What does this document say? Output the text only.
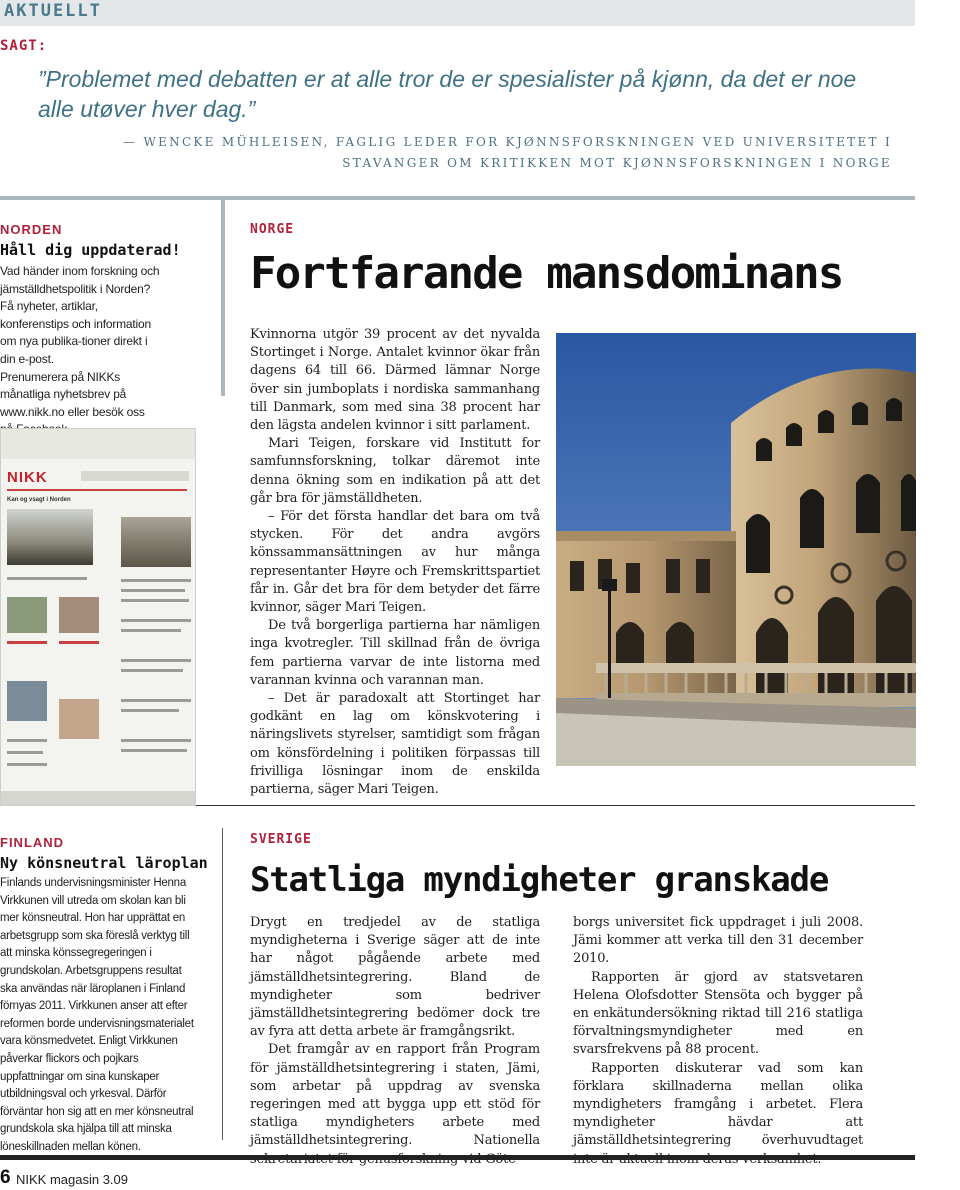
AKTUELLT
SAGT:
”Problemet med debatten er at alle tror de er spesialister på kjønn, da det er noe alle utøver hver dag.”
— WENCKE MÜHLEISEN, FAGLIG LEDER FOR KJØNNSFORSKNINGEN VED UNIVERSITETET I STAVANGER OM KRITIKKEN MOT KJØNNSFORSKNINGEN I NORGE
NORDEN
Håll dig uppdaterad!

Vad händer inom forskning och jämställdhetspolitik i Norden?

Få nyheter, artiklar, konferenstips och information om nya publika-tioner direkt i din e-post.

Prenumerera på NIKKs månatliga nyhetsbrev på www.nikk.no eller besök oss

NIKK
Kan og vsagt i Norden
NORGE
Fortfarande mansdominans

Kvinnorna utgör 39 procent av det nyvalda Stortinget i Norge. Antalet kvinnor ökar från dagens 64 till 66. Därmed lämnar Norge över sin jumboplats i nordiska sammanhang till Danmark, som med sina 38 procent har den lägsta andelen kvinnor i sitt parlament.

Mari Teigen, forskare vid Institutt for samfunnsforskning, tolkar däremot inte denna ökning som en indikation på att det går bra för jämställdheten.

– För det första handlar det bara om två stycken. För det andra avgörs könssammansättningen av hur många representanter Høyre och Fremskrittspartiet får in. Går det bra för dem betyder det färre kvinnor, säger Mari Teigen.

De två borgerliga partierna har nämligen inga kvotregler. Till skillnad från de övriga fem partierna varvar de inte listorna med varannan kvinna och varannan man.

– Det är paradoxalt att Stortinget har godkänt en lag om könskvotering i näringslivets styrelser, samtidigt som frågan om könsfördelning i politiken förpassas till frivilliga lösningar inom de enskilda partierna, säger Mari Teigen.

FINLAND
Ny könsneutral läroplan
Finlands undervisningsminister Henna Virkkunen vill utreda om skolan kan bli mer könsneutral. Hon har upprättat en arbetsgrupp som ska föreslå verktyg till att minska könssegregeringen i grundskolan. Arbetsgruppens resultat ska användas när läroplanen i Finland förnyas 2011. Virkkunen anser att efter reformen borde undervisningsmaterialet vara könsmedvetet. Enligt Virkkunen påverkar flickors och pojkars uppfattningar om sina kunskaper utbildningsval och yrkesval. Därför förväntar hon sig att en mer könsneutral grundskola ska hjälpa till att minska löneskillnaden mellan könen.
SVERIGE
Statliga myndigheter granskade

Drygt en tredjedel av de statliga myndigheterna i Sverige säger att de inte har något pågående arbete med jämställdhetsintegrering. Bland de myndigheter som bedriver jämställdhetsintegrering bedömer dock tre av fyra att detta arbete är framgångsrikt.

Det framgår av en rapport från Program för jämställdhetsintegrering i staten, Jämi, som arbetar på uppdrag av svenska regeringen med att bygga upp ett stöd för statliga myndigheters arbete med jämställdhetsintegrering. Nationella

borgs universitet fick uppdraget i juli 2008. Jämi kommer att verka till den 31 december 2010.

Rapporten är gjord av statsvetaren Helena Olofsdotter Stensöta och bygger på en enkätundersökning riktad till 216 statliga förvaltningsmyndigheter med en svarsfrekvens på 88 procent.

Rapporten diskuterar vad som kan förklara skillnaderna mellan olika myndigheters framgång i arbetet. Flera myndigheter hävdar att jämställdhetsintegrering överhuvudtaget

6 NIKK magasin 3.09
